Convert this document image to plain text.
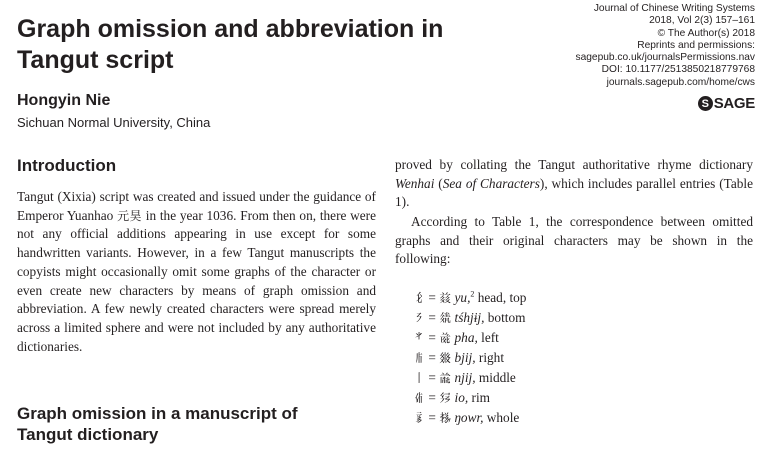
Graph omission and abbreviation in Tangut script
Hongyin Nie
Sichuan Normal University, China
Journal of Chinese Writing Systems
2018, Vol 2(3) 157–161
© The Author(s) 2018
Reprints and permissions:
sagepub.co.uk/journalsPermissions.nav
DOI: 10.1177/2513850218779768
journals.sagepub.com/home/cws
S SAGE
Introduction
Tangut (Xixia) script was created and issued under the guidance of Emperor Yuanhao 元昊 in the year 1036. From then on, there were not any official additions appearing in use except for some handwritten variants. However, in a few Tangut manuscripts the copyists might occasionally omit some graphs of the character or even create new characters by means of graph omission and abbreviation. A few newly created characters were spread merely across a limited sphere and were not included by any authoritative dictionaries.
Graph omission in a manuscript of
Tangut dictionary
proved by collating the Tangut authoritative rhyme dictionary Wenhai (Sea of Characters), which includes parallel entries (Table 1).
According to Table 1, the correspondence between omitted graphs and their original characters may be shown in the following:
𘢕 = 𗑠 yu,$^2$ head, top
𘠄 = 𗨇 tśhjɨj, bottom
𘡌 = 𗯨 pha, left
𘡸 = 𗾟 bjij, right
𘠁 = 𗑱 njij, middle
𘣊 = 𗉻 io, rim
𘥟 = 𗈪 ŋowr, whole
